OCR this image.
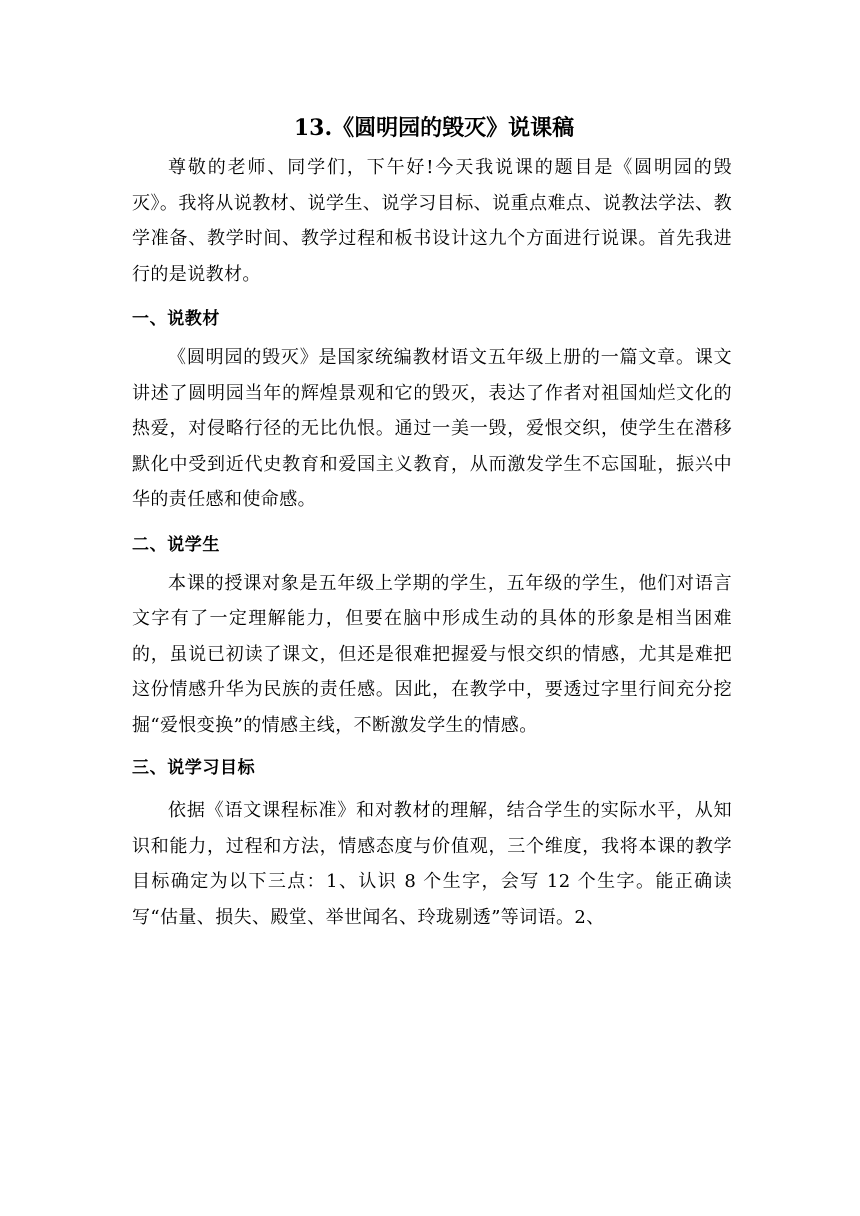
13.《圆明园的毁灭》说课稿

尊敬的老师、同学们，下午好!今天我说课的题目是《圆明园的毁灭》。我将从说教材、说学生、说学习目标、说重点难点、说教法学法、教学准备、教学时间、教学过程和板书设计这九个方面进行说课。首先我进行的是说教材。

一、说教材

《圆明园的毁灭》是国家统编教材语文五年级上册的一篇文章。课文讲述了圆明园当年的辉煌景观和它的毁灭，表达了作者对祖国灿烂文化的热爱，对侵略行径的无比仇恨。通过一美一毁，爱恨交织，使学生在潜移默化中受到近代史教育和爱国主义教育，从而激发学生不忘国耻，振兴中华的责任感和使命感。

二、说学生

本课的授课对象是五年级上学期的学生，五年级的学生，他们对语言文字有了一定理解能力，但要在脑中形成生动的具体的形象是相当困难的，虽说已初读了课文，但还是很难把握爱与恨交织的情感，尤其是难把这份情感升华为民族的责任感。因此，在教学中，要透过字里行间充分挖掘“爱恨变换”的情感主线，不断激发学生的情感。

三、说学习目标

依据《语文课程标准》和对教材的理解，结合学生的实际水平，从知识和能力，过程和方法，情感态度与价值观，三个维度，我将本课的教学目标确定为以下三点：1、认识 8 个生字，会写 12 个生字。能正确读写“估量、损失、殿堂、举世闻名、玲珑剔透”等词语。2、
